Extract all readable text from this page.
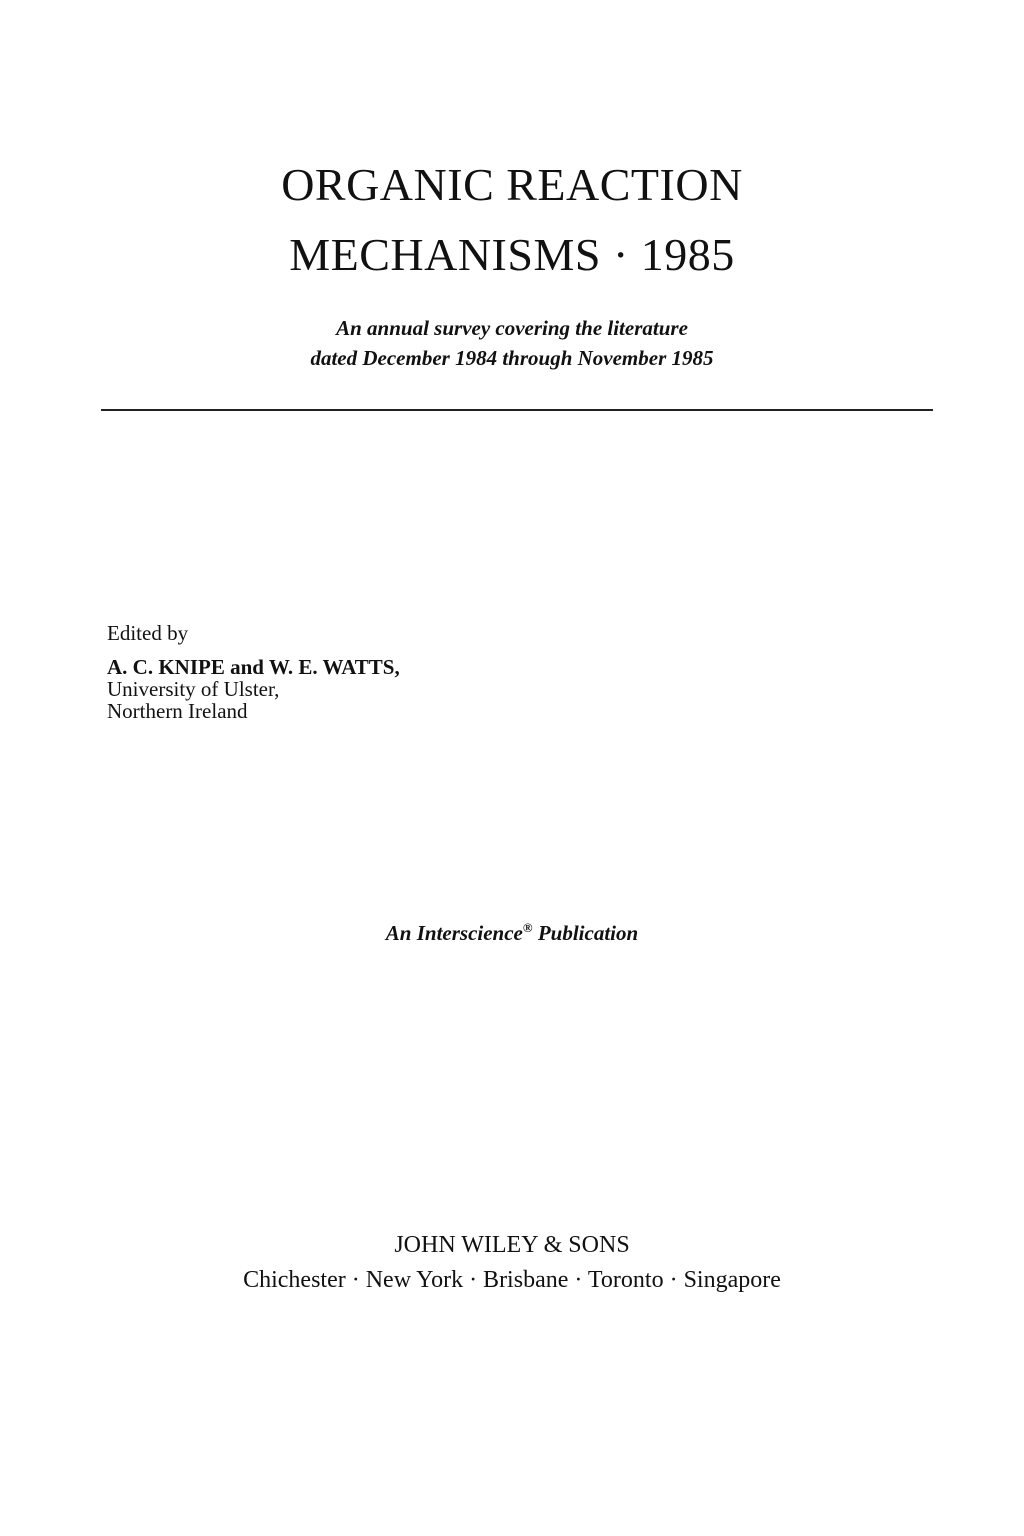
ORGANIC REACTION
MECHANISMS · 1985
An annual survey covering the literature
dated December 1984 through November 1985
Edited by
A. C. KNIPE and W. E. WATTS,
University of Ulster,
Northern Ireland
An Interscience® Publication
JOHN WILEY & SONS
Chichester · New York · Brisbane · Toronto · Singapore
